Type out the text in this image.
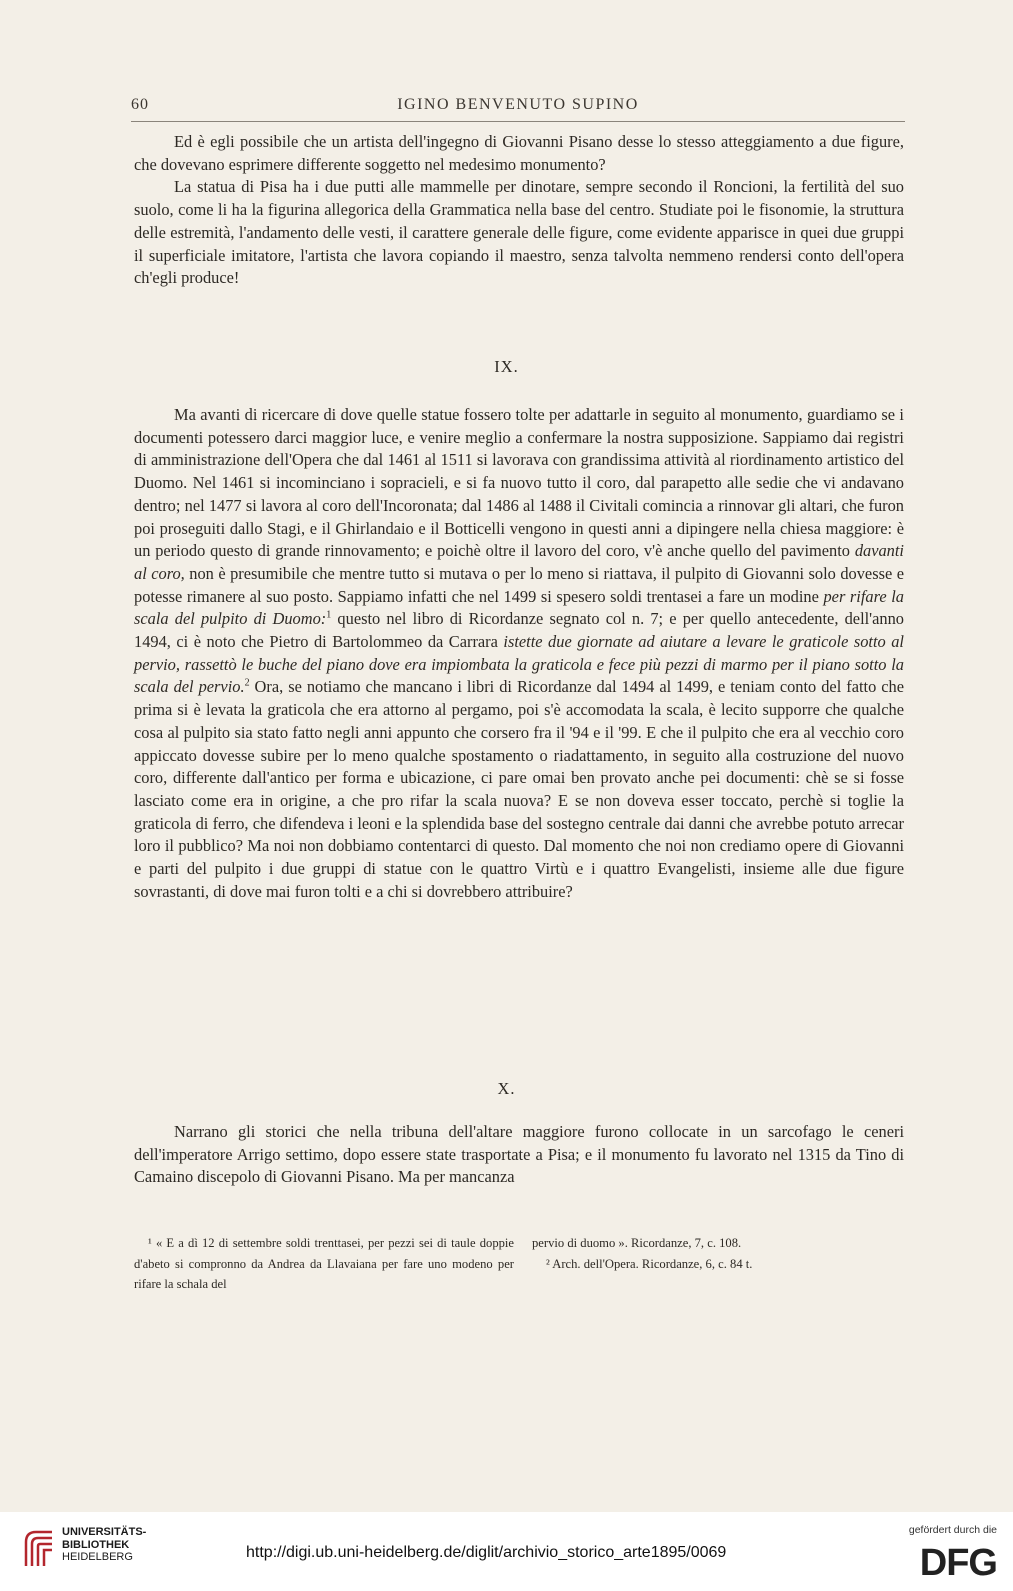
60	IGINO BENVENUTO SUPINO

Ed è egli possibile che un artista dell'ingegno di Giovanni Pisano desse lo stesso atteggiamento a due figure, che dovevano esprimere differente soggetto nel medesimo monumento?

La statua di Pisa ha i due putti alle mammelle per dinotare, sempre secondo il Roncioni, la fertilità del suo suolo, come li ha la figurina allegorica della Grammatica nella base del centro. Studiate poi le fisonomie, la struttura delle estremità, l'andamento delle vesti, il carattere generale delle figure, come evidente apparisce in quei due gruppi il superficiale imitatore, l'artista che lavora copiando il maestro, senza talvolta nemmeno rendersi conto dell'opera ch'egli produce!

IX.

Ma avanti di ricercare di dove quelle statue fossero tolte per adattarle in seguito al monumento, guardiamo se i documenti potessero darci maggior luce, e venire meglio a confermare la nostra supposizione. Sappiamo dai registri di amministrazione dell'Opera che dal 1461 al 1511 si lavorava con grandissima attività al riordinamento artistico del Duomo. Nel 1461 si incominciano i sopracieli, e si fa nuovo tutto il coro, dal parapetto alle sedie che vi andavano dentro; nel 1477 si lavora al coro dell'Incoronata; dal 1486 al 1488 il Civitali comincia a rinnovar gli altari, che furon poi proseguiti dallo Stagi, e il Ghirlandaio e il Botticelli vengono in questi anni a dipingere nella chiesa maggiore: è un periodo questo di grande rinnovamento; e poichè oltre il lavoro del coro, v'è anche quello del pavimento davanti al coro, non è presumibile che mentre tutto si mutava o per lo meno si riattava, il pulpito di Giovanni solo dovesse e potesse rimanere al suo posto. Sappiamo infatti che nel 1499 si spesero soldi trentasei a fare un modine per rifare la scala del pulpito di Duomo:$^1$ questo nel libro di Ricordanze segnato col n. 7; e per quello antecedente, dell'anno 1494, ci è noto che Pietro di Bartolommeo da Carrara istette due giornate ad aiutare a levare le graticole sotto al pervio, rassettò le buche del piano dove era impiombata la graticola e fece più pezzi di marmo per il piano sotto la scala del pervio.$^2$ Ora, se notiamo che mancano i libri di Ricordanze dal 1494 al 1499, e teniam conto del fatto che prima si è levata la graticola che era attorno al pergamo, poi s'è accomodata la scala, è lecito supporre che qualche cosa al pulpito sia stato fatto negli anni appunto che corsero fra il '94 e il '99. E che il pulpito che era al vecchio coro appiccato dovesse subire per lo meno qualche spostamento o riadattamento, in seguito alla costruzione del nuovo coro, differente dall'antico per forma e ubicazione, ci pare omai ben provato anche pei documenti: chè se si fosse lasciato come era in origine, a che pro rifar la scala nuova? E se non doveva esser toccato, perchè si toglie la graticola di ferro, che difendeva i leoni e la splendida base del sostegno centrale dai danni che avrebbe potuto arrecar loro il pubblico? Ma noi non dobbiamo contentarci di questo. Dal momento che noi non crediamo opere di Giovanni e parti del pulpito i due gruppi di statue con le quattro Virtù e i quattro Evangelisti, insieme alle due figure sovrastanti, di dove mai furon tolti e a chi si dovrebbero attribuire?

X.

Narrano gli storici che nella tribuna dell'altare maggiore furono collocate in un sarcofago le ceneri dell'imperatore Arrigo settimo, dopo essere state trasportate a Pisa; e il monumento fu lavorato nel 1315 da Tino di Camaino discepolo di Giovanni Pisano. Ma per mancanza

¹ « E a dì 12 di settembre soldi trenttasei, per pezzi sei di taule doppie d'abeto si compronno da Andrea da Llavaiana per fare uno modeno per rifare la schala del

pervio di duomo ». Ricordanze, 7, c. 108.

² Arch. dell'Opera. Ricordanze, 6, c. 84 t.

UNIVERSITÄTS-
BIBLIOTHEK
HEIDELBERG	http://digi.ub.uni-heidelberg.de/diglit/archivio_storico_arte1895/0069
gefördert durch die
DFG
